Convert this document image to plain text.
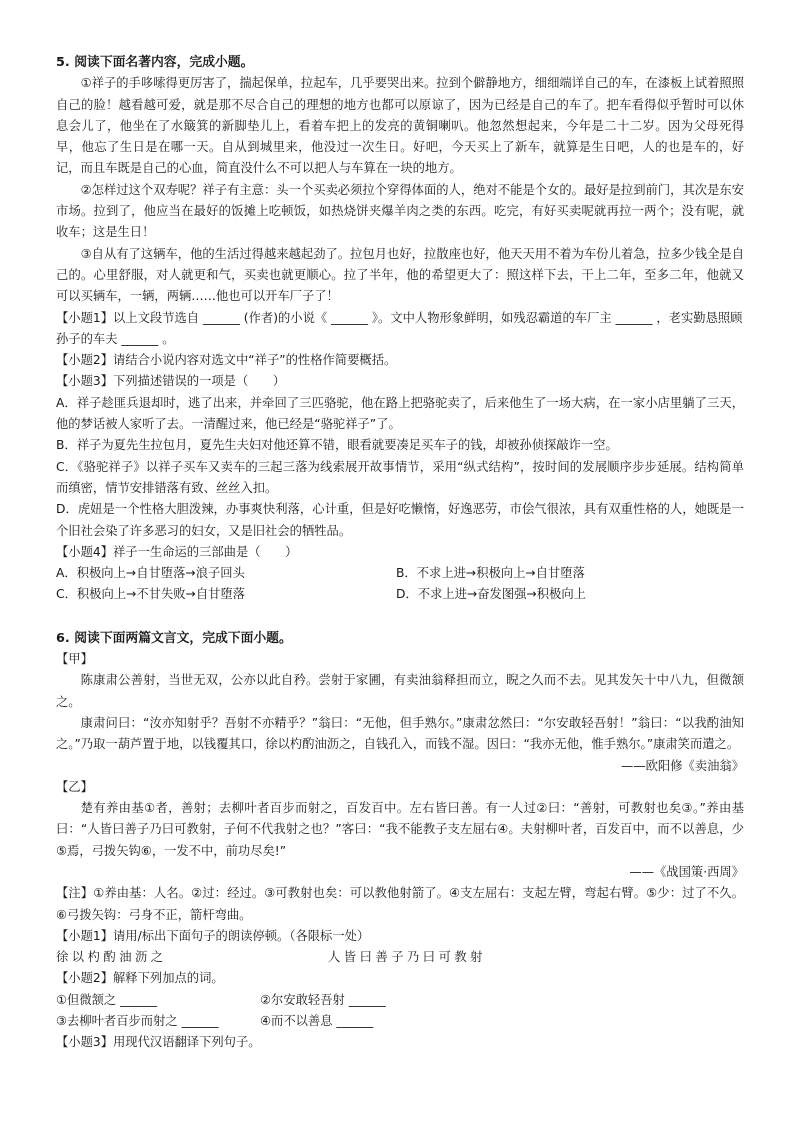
5. 阅读下面名著内容，完成小题。

①祥子的手哆嗦得更厉害了，揣起保单，拉起车，几乎要哭出来。拉到个僻静地方，细细端详自己的车，在漆板上试着照照自己的脸！越看越可爱，就是那不尽合自己的理想的地方也都可以原谅了，因为已经是自己的车了。把车看得似乎暂时可以休息会儿了，他坐在了水簸箕的新脚垫儿上，看着车把上的发亮的黄铜喇叭。他忽然想起来，今年是二十二岁。因为父母死得早，他忘了生日是在哪一天。自从到城里来，他没过一次生日。好吧，今天买上了新车，就算是生日吧，人的也是车的，好记，而且车既是自己的心血，简直没什么不可以把人与车算在一块的地方。

②怎样过这个双寿呢？祥子有主意：头一个买卖必须拉个穿得体面的人，绝对不能是个女的。最好是拉到前门，其次是东安市场。拉到了，他应当在最好的饭摊上吃顿饭，如热烧饼夹爆羊肉之类的东西。吃完，有好买卖呢就再拉一两个；没有呢，就收车；这是生日！

③自从有了这辆车，他的生活过得越来越起劲了。拉包月也好，拉散座也好，他天天用不着为车份儿着急，拉多少钱全是自己的。心里舒服，对人就更和气，买卖也就更顺心。拉了半年，他的希望更大了：照这样下去，干上二年，至多二年，他就又可以买辆车，一辆，两辆……他也可以开车厂子了！

【小题1】以上文段节选自 ______ (作者)的小说《 ______ 》。文中人物形象鲜明，如残忍霸道的车厂主 ______ ，老实勤恳照顾孙子的车夫 ______ 。

【小题2】请结合小说内容对选文中“祥子”的性格作简要概括。

【小题3】下列描述错误的一项是（　　）

A．祥子趁匪兵退却时，逃了出来，并牵回了三匹骆驼，他在路上把骆驼卖了，后来他生了一场大病，在一家小店里躺了三天，他的梦话被人家听了去。一清醒过来，他已经是“骆驼祥子”了。

B．祥子为夏先生拉包月，夏先生夫妇对他还算不错，眼看就要凑足买车子的钱，却被孙侦探敲诈一空。

C．《骆驼祥子》以祥子买车又卖车的三起三落为线索展开故事情节，采用“纵式结构”，按时间的发展顺序步步延展。结构简单而缜密，情节安排错落有致、丝丝入扣。

D．虎妞是一个性格大胆泼辣，办事爽快利落，心计重，但是好吃懒惰，好逸恶劳，市侩气很浓，具有双重性格的人，她既是一个旧社会染了许多恶习的妇女，又是旧社会的牺牲品。

【小题4】祥子一生命运的三部曲是（　　）

A．积极向上→自甘堕落→浪子回头	B．不求上进→积极向上→自甘堕落
C．积极向上→不甘失败→自甘堕落	D．不求上进→奋发图强→积极向上

6. 阅读下面两篇文言文，完成下面小题。

【甲】

陈康肃公善射，当世无双，公亦以此自矜。尝射于家圃，有卖油翁释担而立，睨之久而不去。见其发矢十中八九，但微颔之。

康肃问曰：“汝亦知射乎？吾射不亦精乎？”翁曰：“无他，但手熟尔。”康肃忿然曰：“尔安敢轻吾射！”翁曰：“以我酌油知之。”乃取一葫芦置于地，以钱覆其口，徐以杓酌油沥之，自钱孔入，而钱不湿。因曰：“我亦无他，惟手熟尔。”康肃笑而遣之。

——欧阳修《卖油翁》

【乙】

楚有养由基①者，善射；去柳叶者百步而射之，百发百中。左右皆曰善。有一人过②曰：“善射，可教射也矣③。”养由基曰：“人皆曰善子乃曰可教射，子何不代我射之也？”客曰：“我不能教子支左屈右④。夫射柳叶者，百发百中，而不以善息，少⑤焉，弓拨矢钩⑥，一发不中，前功尽矣!”

——《战国策·西周》

【注】①养由基：人名。②过：经过。③可教射也矣：可以教他射箭了。④支左屈右：支起左臂，弯起右臂。⑤少：过了不久。⑥弓拨矢钩：弓身不正，箭杆弯曲。

【小题1】请用/标出下面句子的朗读停顿。（各限标一处）

徐以杓酌油沥之	人皆曰善子乃曰可教射

【小题2】解释下列加点的词。

①但微颔之 ______	②尔安敢轻吾射 ______
③去柳叶者百步而射之 ______	④而不以善息 ______

【小题3】用现代汉语翻译下列句子。
